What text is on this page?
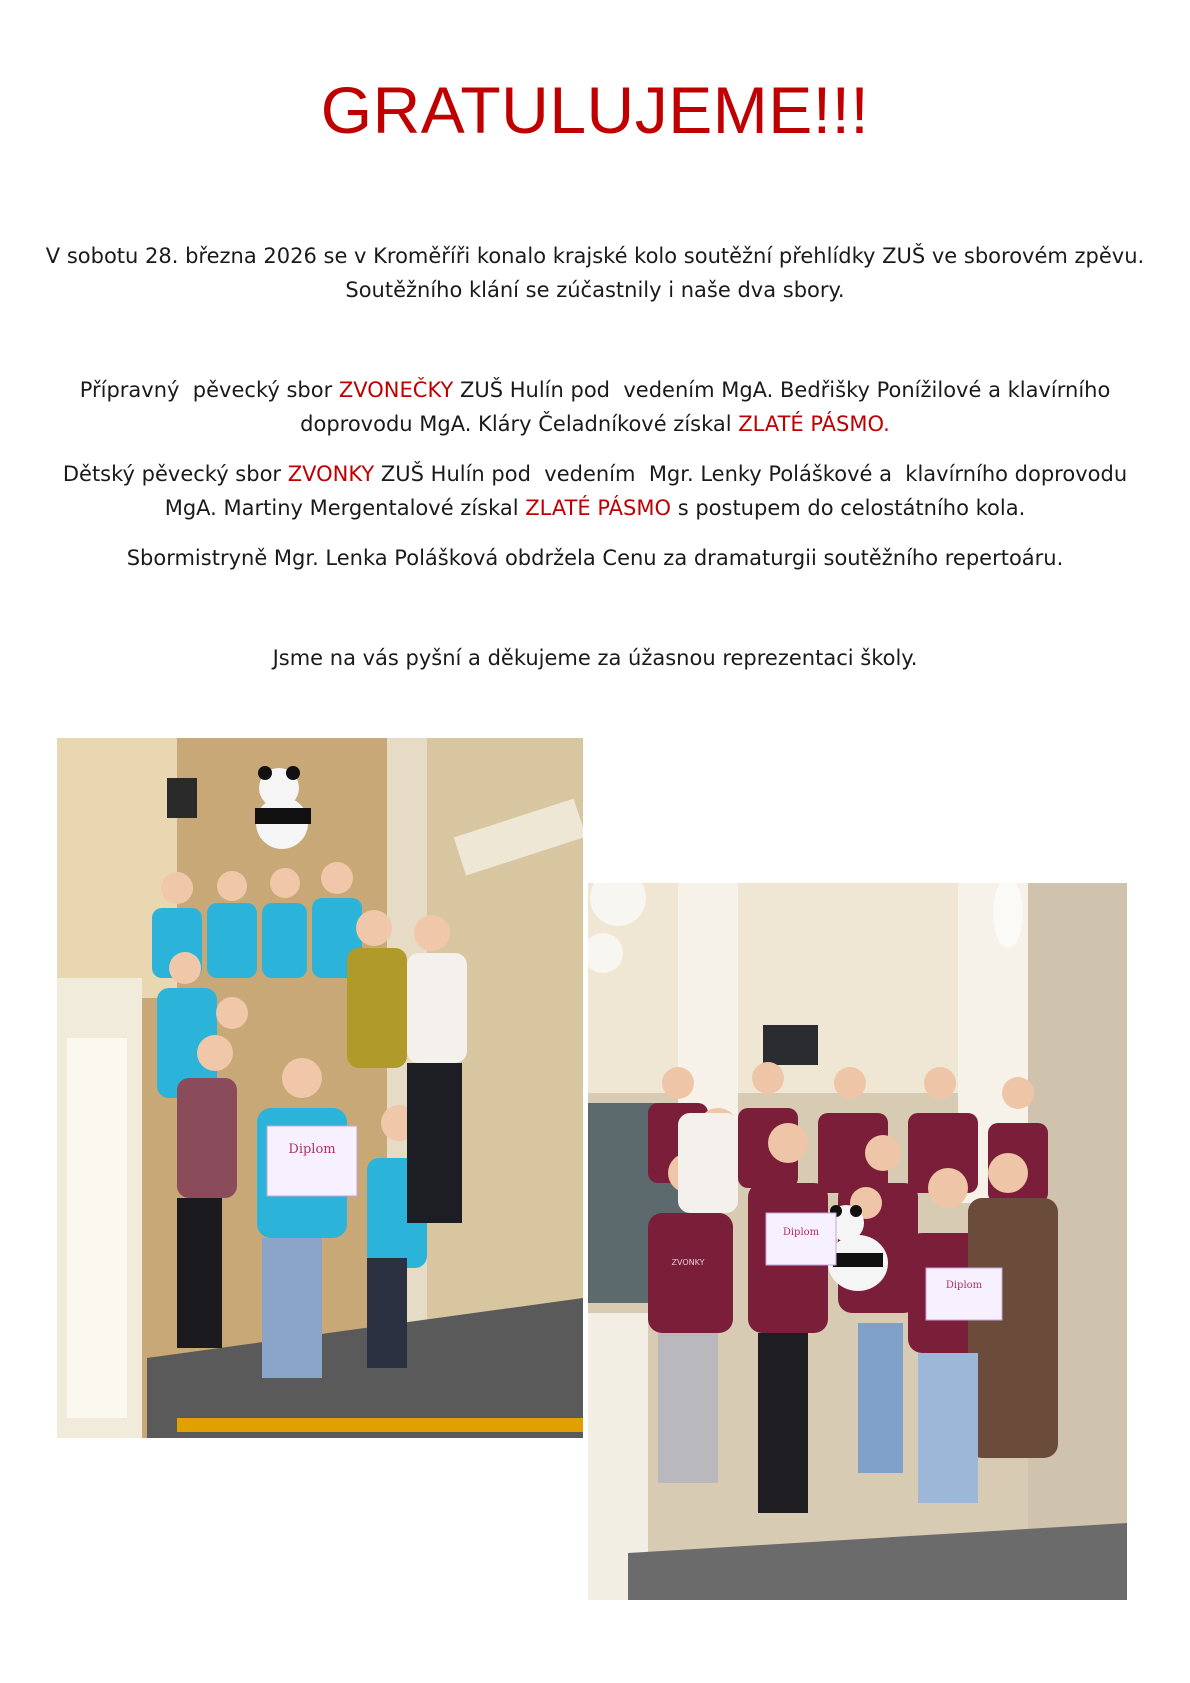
GRATULUJEME!!!

V sobotu 28. března 2026 se v Kroměříři konalo krajské kolo soutěžní přehlídky ZUŠ ve sborovém zpěvu.
Soutěžního klání se zúčastnily i naše dva sbory.

Přípravný  pěvecký sbor ZVONEČKY ZUŠ Hulín pod  vedením MgA. Bedřišky Ponížilové a klavírního
doprovodu MgA. Kláry Čeladníkové získal ZLATÉ PÁSMO.

Dětský pěvecký sbor ZVONKY ZUŠ Hulín pod  vedením  Mgr. Lenky Poláškové a  klavírního doprovodu
MgA. Martiny Mergentalové získal ZLATÉ PÁSMO s postupem do celostátního kola.

Sbormistryně Mgr. Lenka Polášková obdržela Cenu za dramaturgii soutěžního repertoáru.

Jsme na vás pyšní a děkujeme za úžasnou reprezentaci školy.

Diplom
Diplom
Diplom
ZVONKY
